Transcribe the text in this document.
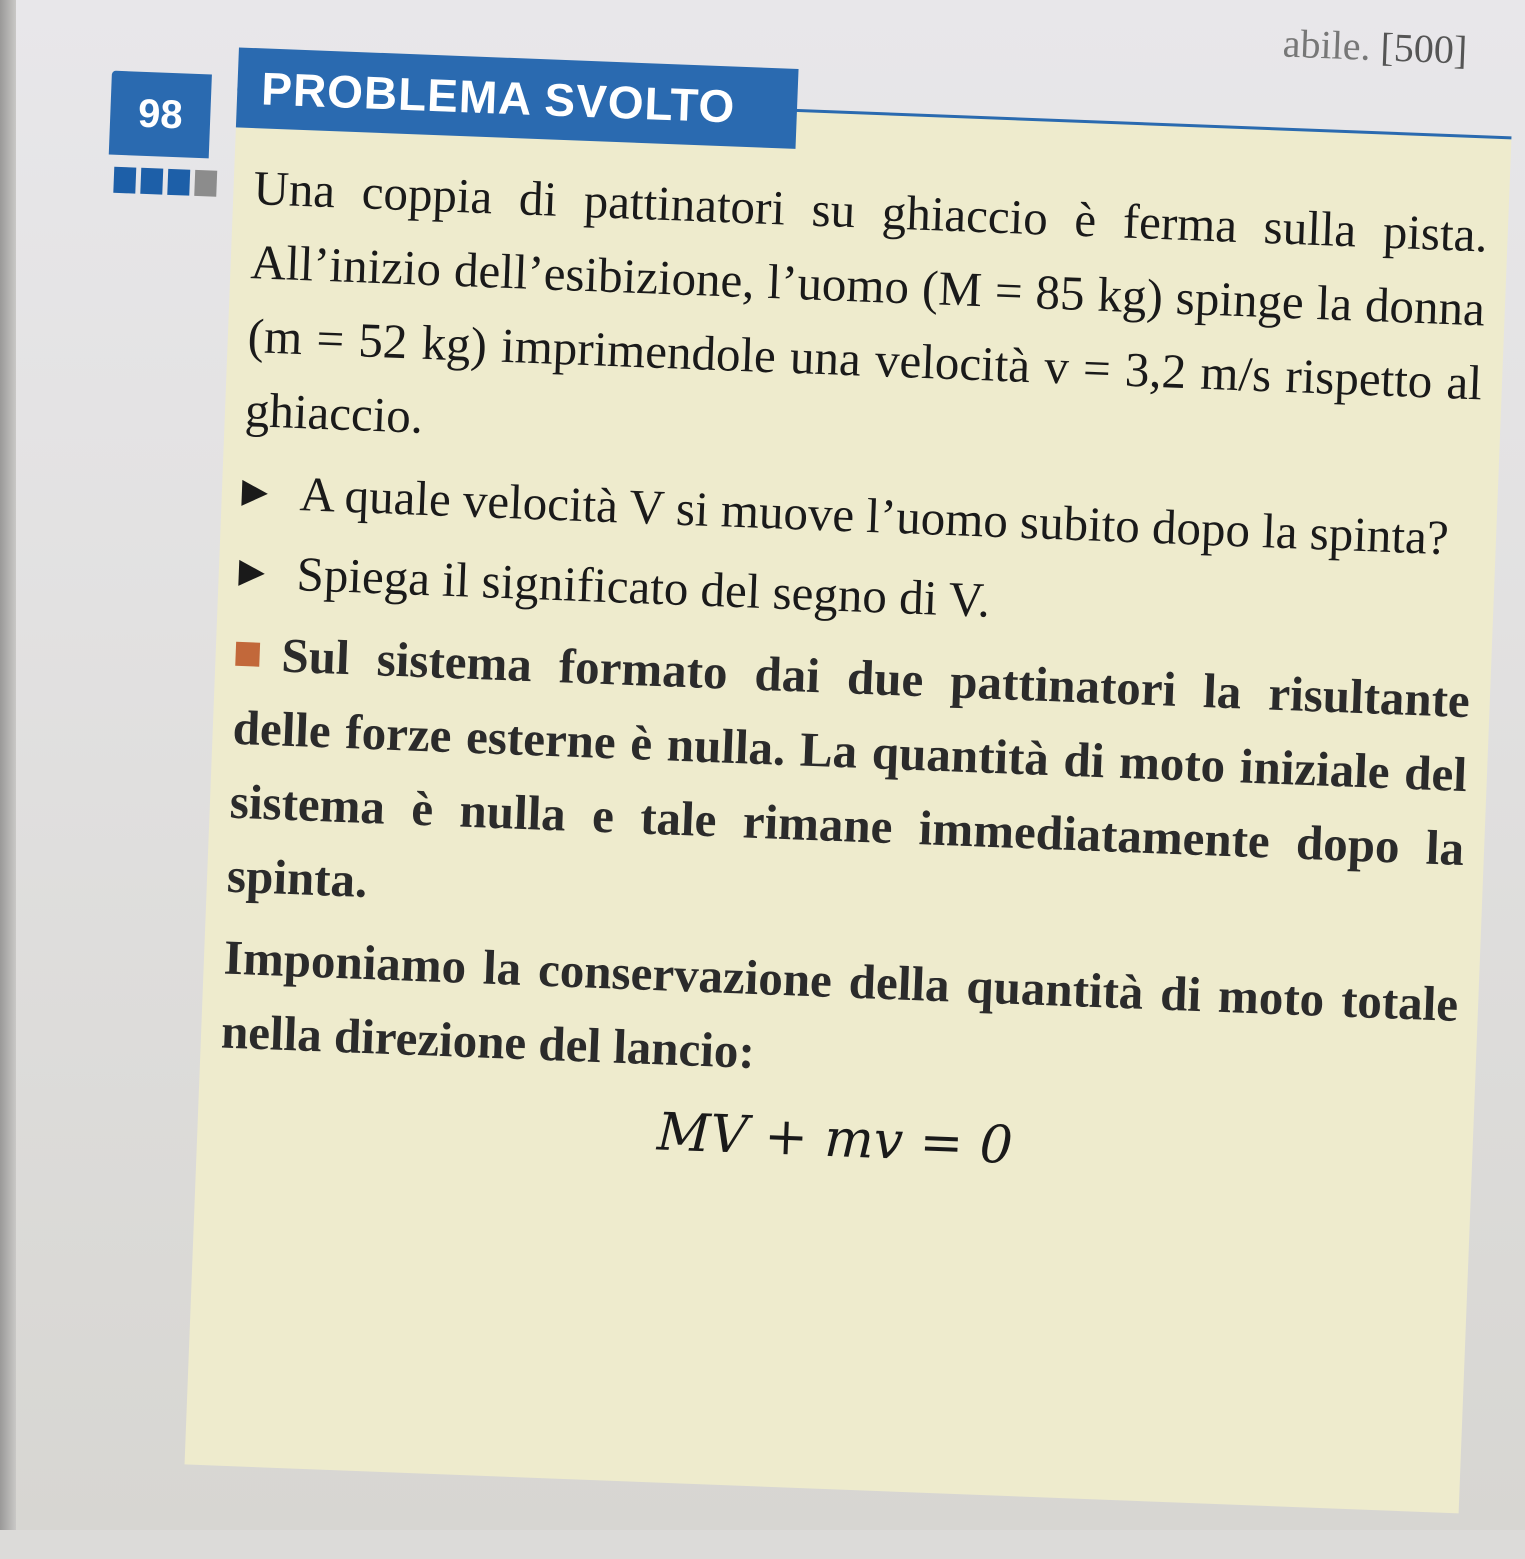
abile. [500]
98

Una coppia di pattinatori su ghiaccio è ferma sulla pista. All’inizio dell’esibizione, l’uomo (M = 85 kg) spinge la donna (m = 52 kg) imprimendole una velocità v = 3,2 m/s rispetto al ghiaccio.

A quale velocità V si muove l’uomo subito dopo la spinta?

Spiega il significato del segno di V.

Sul sistema formato dai due pattinatori la risultante delle forze esterne è nulla. La quantità di moto iniziale del sistema è nulla e tale rimane immediatamente dopo la spinta.

Imponiamo la conservazione della quantità di moto totale nella direzione del lancio:

MV + mv = 0
PROBLEMA SVOLTO
